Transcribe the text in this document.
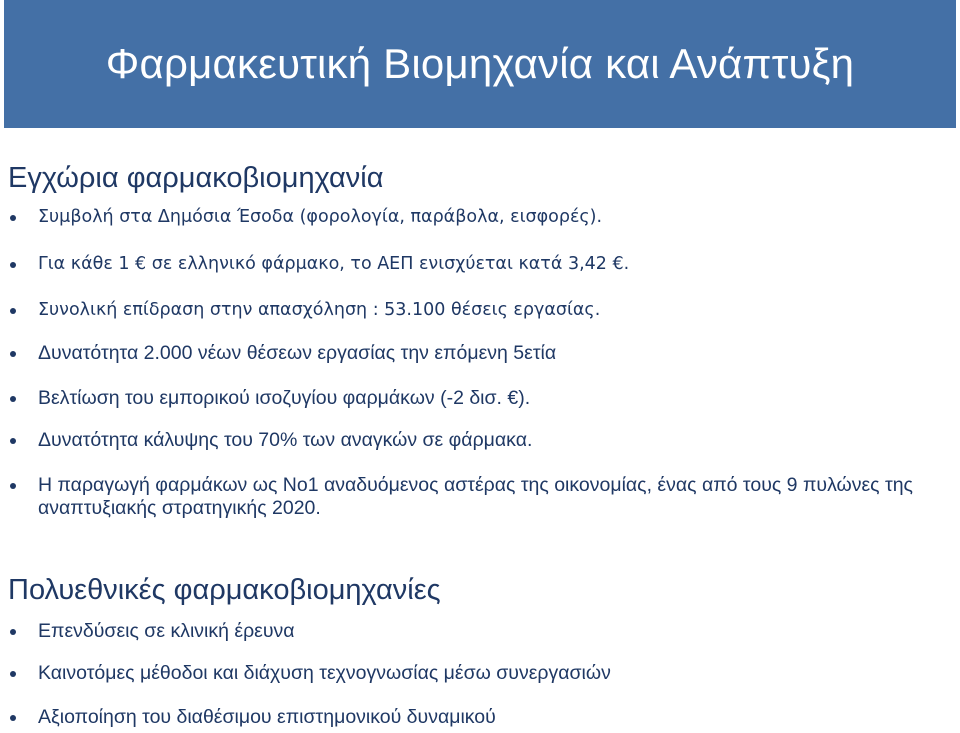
Φαρμακευτική Βιομηχανία και Ανάπτυξη
Εγχώρια φαρμακοβιομηχανία
Συμβολή στα Δημόσια Έσοδα (φορολογία, παράβολα, εισφορές).
Για κάθε 1 € σε ελληνικό φάρμακο, το ΑΕΠ ενισχύεται κατά 3,42 €.
Συνολική επίδραση στην απασχόληση : 53.100 θέσεις εργασίας.
Δυνατότητα 2.000 νέων θέσεων εργασίας την επόμενη 5ετία
Βελτίωση του εμπορικού ισοζυγίου φαρμάκων (-2 δισ. €).
Δυνατότητα κάλυψης του 70% των αναγκών σε φάρμακα.
Η παραγωγή φαρμάκων ως Νο1 αναδυόμενος αστέρας της οικονομίας, ένας από τους 9 πυλώνες της αναπτυξιακής στρατηγικής 2020.
Πολυεθνικές φαρμακοβιομηχανίες
Επενδύσεις σε κλινική έρευνα
Καινοτόμες μέθοδοι και διάχυση τεχνογνωσίας μέσω συνεργασιών
Αξιοποίηση του διαθέσιμου επιστημονικού δυναμικού
